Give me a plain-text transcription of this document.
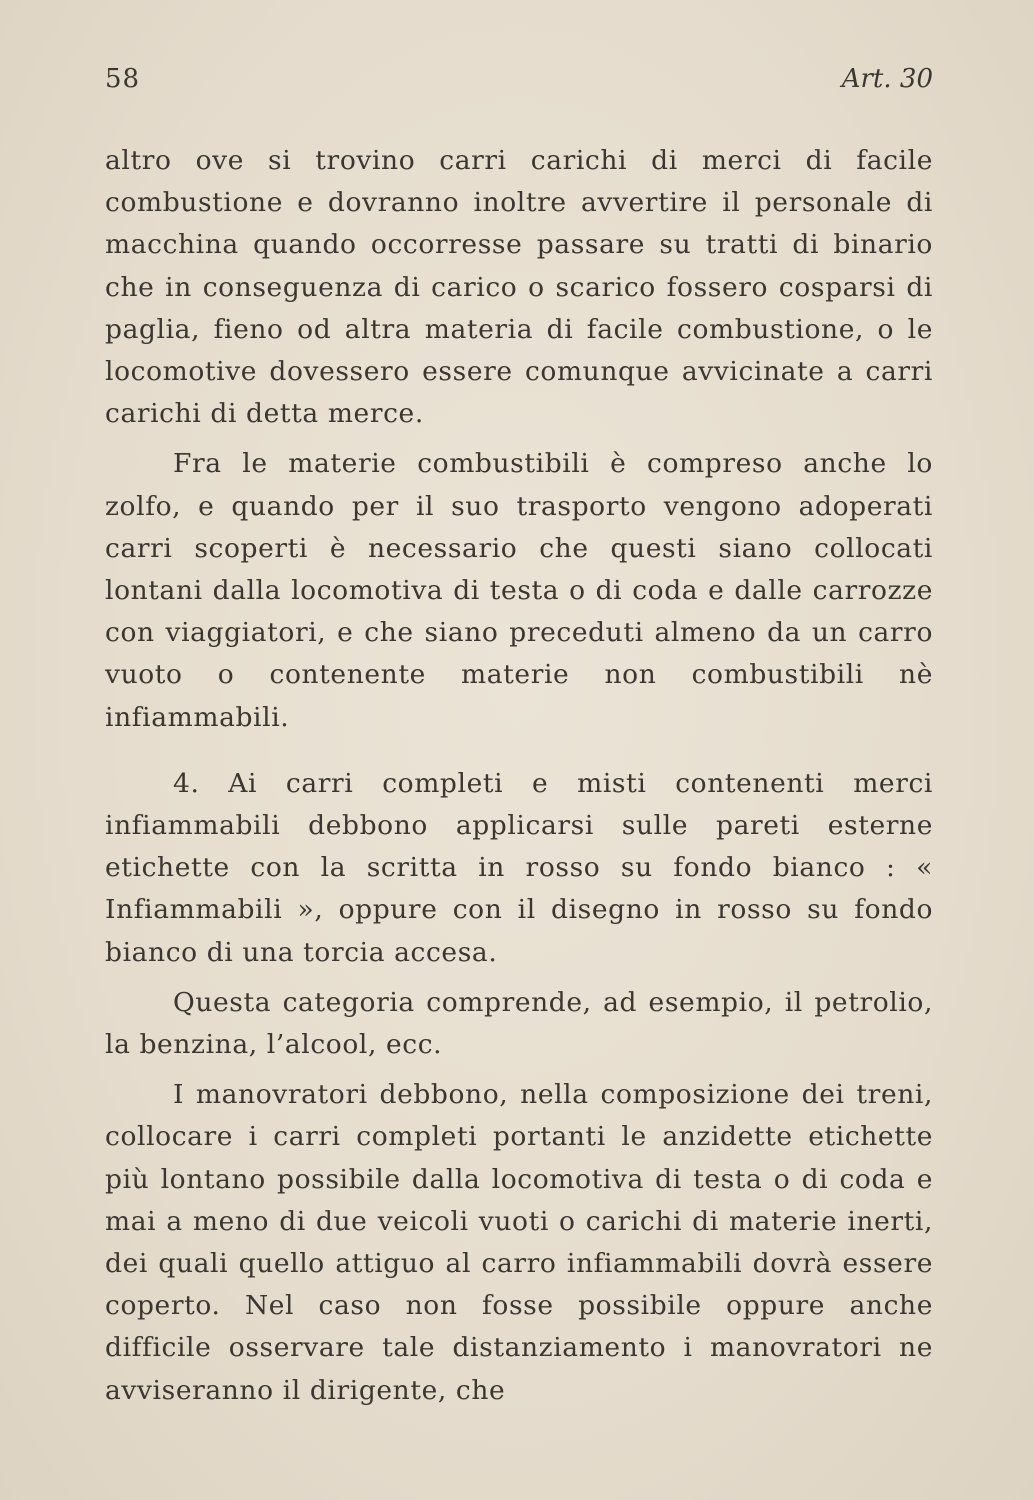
58	Art. 30

altro ove si trovino carri carichi di merci di facile combustione e dovranno inoltre avvertire il personale di macchina quando occorresse passare su tratti di binario che in conseguenza di carico o scarico fossero cosparsi di paglia, fieno od altra materia di facile combustione, o le locomotive dovessero essere comunque avvicinate a carri carichi di detta merce.

Fra le materie combustibili è compreso anche lo zolfo, e quando per il suo trasporto vengono adoperati carri scoperti è necessario che questi siano collocati lontani dalla locomotiva di testa o di coda e dalle carrozze con viaggiatori, e che siano preceduti almeno da un carro vuoto o contenente materie non combustibili nè infiammabili.

4. Ai carri completi e misti contenenti merci infiammabili debbono applicarsi sulle pareti esterne etichette con la scritta in rosso su fondo bianco : « Infiammabili », oppure con il disegno in rosso su fondo bianco di una torcia accesa.

Questa categoria comprende, ad esempio, il petrolio, la benzina, l’alcool, ecc.

I manovratori debbono, nella composizione dei treni, collocare i carri completi portanti le anzidette etichette più lontano possibile dalla locomotiva di testa o di coda e mai a meno di due veicoli vuoti o carichi di materie inerti, dei quali quello attiguo al carro infiammabili dovrà essere coperto. Nel caso non fosse possibile oppure anche difficile osservare tale distanziamento i manovratori ne avviseranno il dirigente, che
